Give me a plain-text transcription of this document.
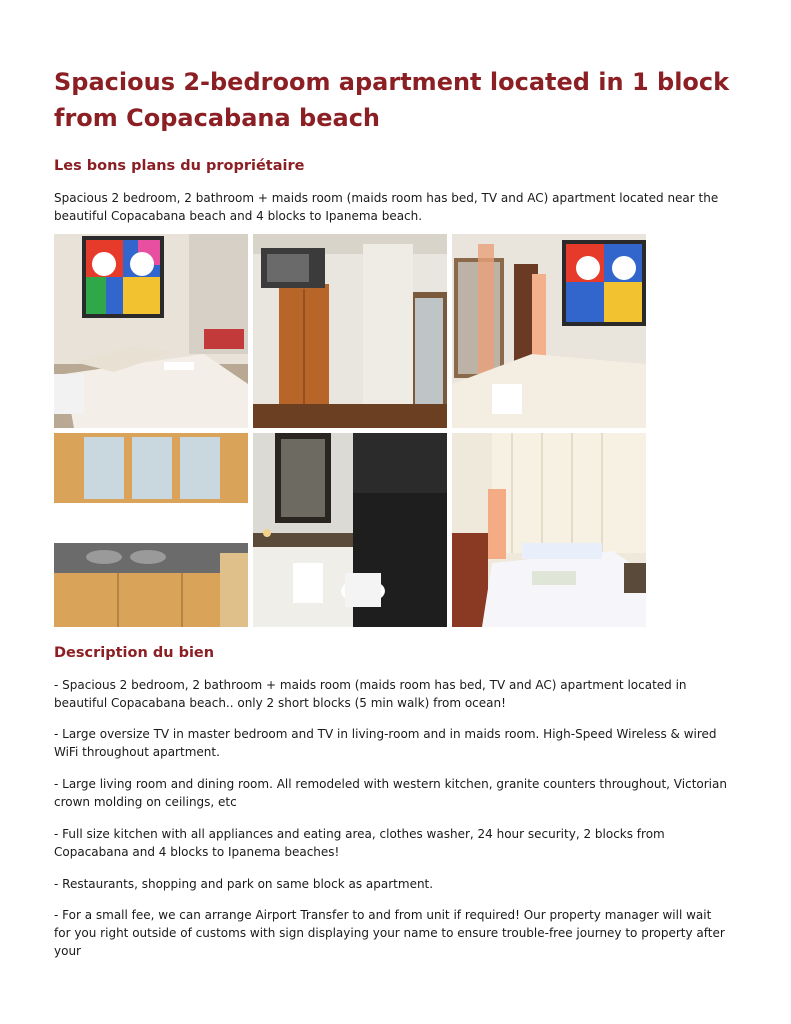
Spacious 2-bedroom apartment located in 1 block from Copacabana beach
Les bons plans du propriétaire

Spacious 2 bedroom, 2 bathroom + maids room (maids room has bed, TV and AC) apartment located near the beautiful Copacabana beach and 4 blocks to Ipanema beach.

Description du bien

- Spacious 2 bedroom, 2 bathroom + maids room (maids room has bed, TV and AC) apartment located in beautiful Copacabana beach.. only 2 short blocks (5 min walk) from ocean!

- Large oversize TV in master bedroom and TV in living-room and in maids room. High-Speed Wireless & wired WiFi throughout apartment.

- Large living room and dining room. All remodeled with western kitchen, granite counters throughout, Victorian crown molding on ceilings, etc

- Full size kitchen with all appliances and eating area, clothes washer, 24 hour security, 2 blocks from Copacabana and 4 blocks to Ipanema beaches!

- Restaurants, shopping and park on same block as apartment.

- For a small fee, we can arrange Airport Transfer to and from unit if required! Our property manager will wait for you right outside of customs with sign displaying your name to ensure trouble-free journey to property after your
